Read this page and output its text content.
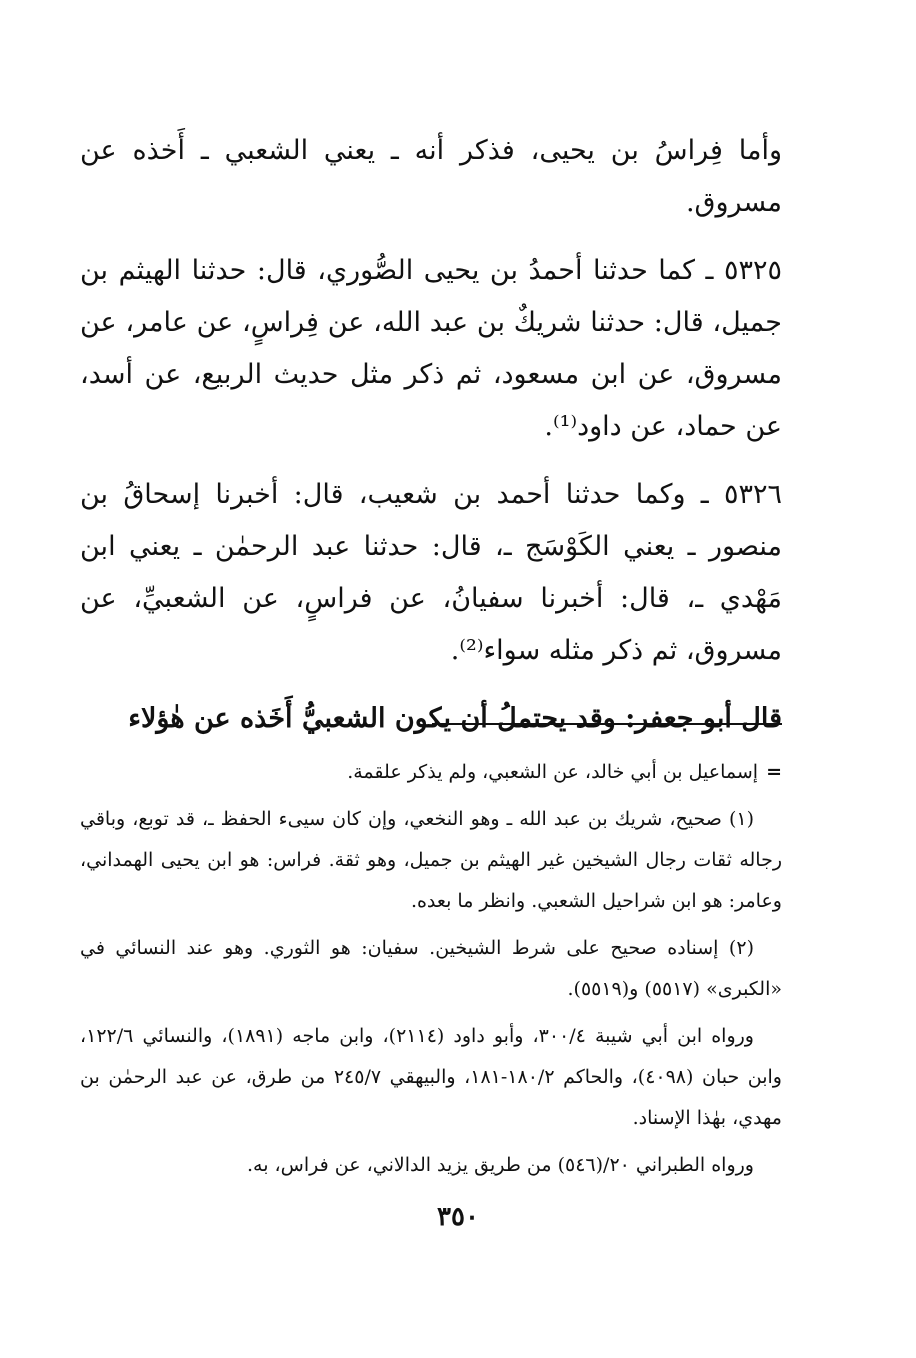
وأما فِراسُ بن يحيى، فذكر أنه ـ يعني الشعبي ـ أَخذه عن مسروق.

٥٣٢٥ ـ كما حدثنا أحمدُ بن يحيى الصُّوري، قال: حدثنا الهيثم بن جميل، قال: حدثنا شريكٌ بن عبد الله، عن فِراسٍ، عن عامر، عن مسروق، عن ابن مسعود، ثم ذكر مثل حديث الربيع، عن أسد، عن حماد، عن داود⁽¹⁾.

٥٣٢٦ ـ وكما حدثنا أحمد بن شعيب، قال: أخبرنا إسحاقُ بن منصور ـ يعني الكَوْسَج ـ، قال: حدثنا عبد الرحمٰن ـ يعني ابن مَهْدي ـ، قال: أخبرنا سفيانُ، عن فراسٍ، عن الشعبيِّ، عن مسروق، ثم ذكر مثله سواء⁽²⁾.

قال أبو جعفر: وقد يحتملُ أن يكون الشعبيُّ أَخَذه عن هٰؤلاء

=إسماعيل بن أبي خالد، عن الشعبي، ولم يذكر علقمة.

(١) صحيح، شريك بن عبد الله ـ وهو النخعي، وإن كان سيىء الحفظ ـ، قد توبع، وباقي رجاله ثقات رجال الشيخين غير الهيثم بن جميل، وهو ثقة. فراس: هو ابن يحيى الهمداني، وعامر: هو ابن شراحيل الشعبي. وانظر ما بعده.

(٢) إسناده صحيح على شرط الشيخين. سفيان: هو الثوري. وهو عند النسائي في «الكبرى» (٥٥١٧) و(٥٥١٩).

ورواه ابن أبي شيبة ٣٠٠/٤، وأبو داود (٢١١٤)، وابن ماجه (١٨٩١)، والنسائي ١٢٢/٦، وابن حبان (٤٠٩٨)، والحاكم ١٨٠/٢-١٨١، والبيهقي ٢٤٥/٧ من طرق، عن عبد الرحمٰن بن مهدي، بهٰذا الإسناد.

ورواه الطبراني ٢٠/(٥٤٦) من طريق يزيد الدالاني، عن فراس، به.

٣٥٠
